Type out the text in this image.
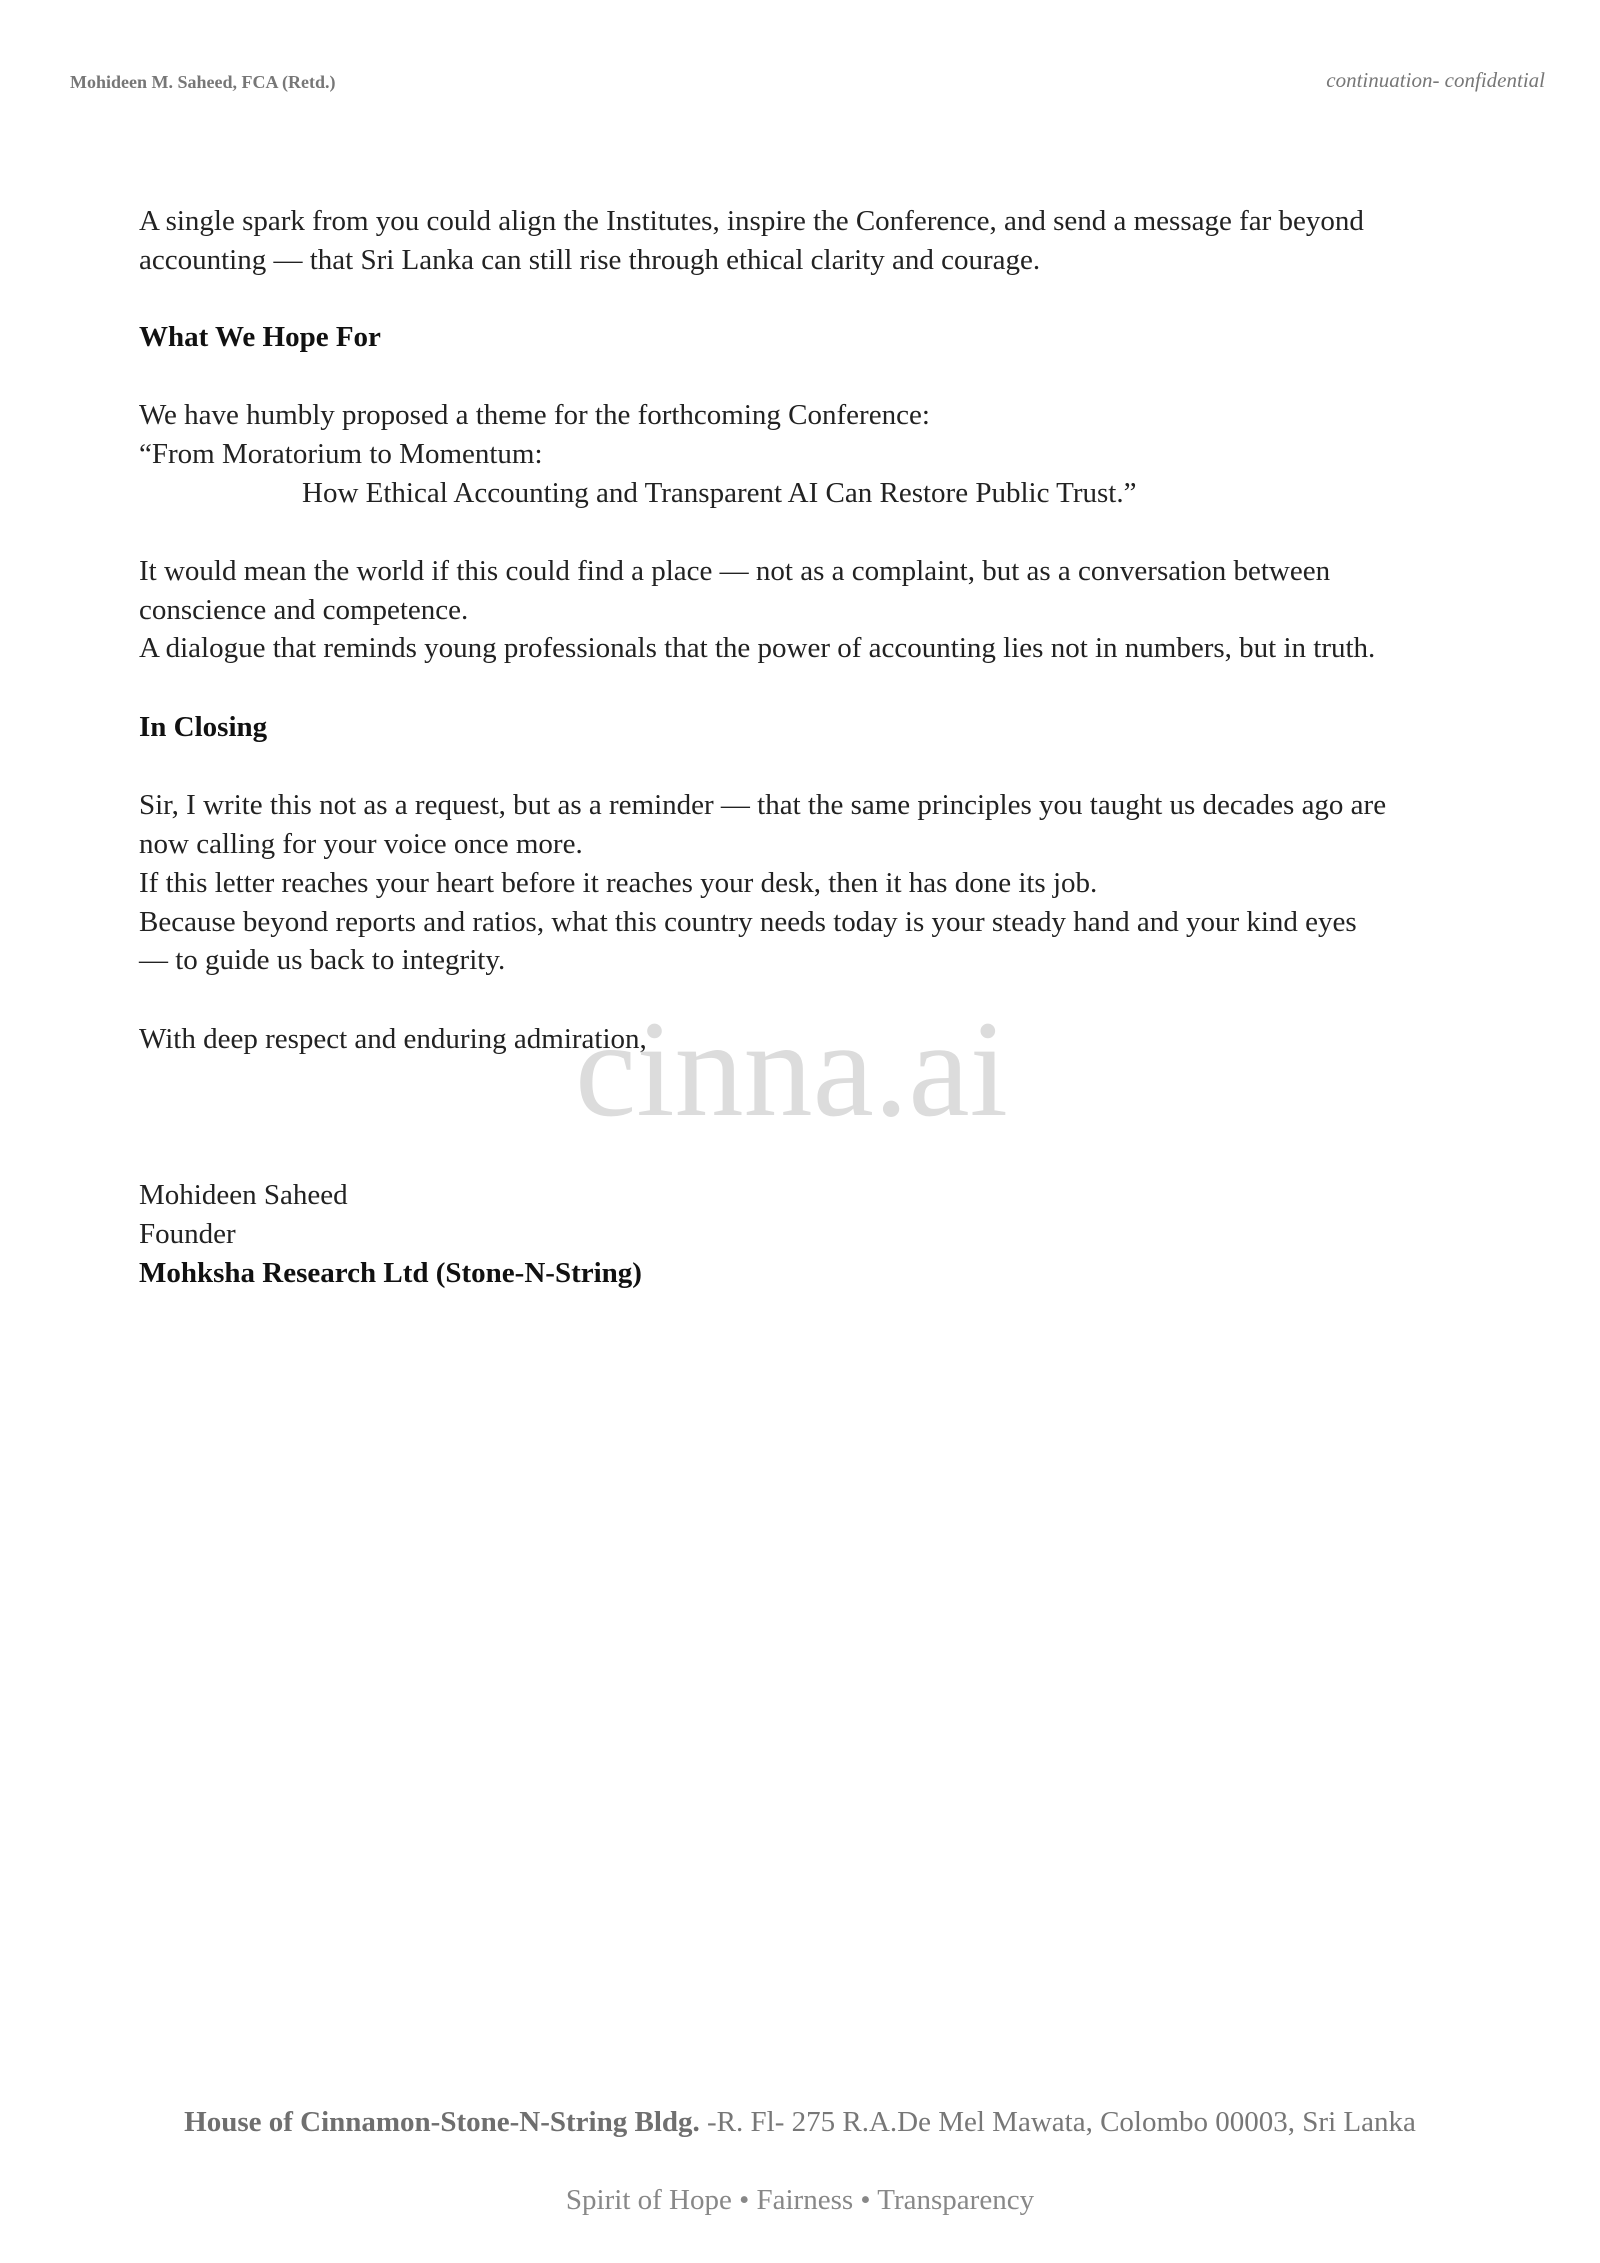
Mohideen M. Saheed, FCA (Retd.)	continuation- confidential
A single spark from you could align the Institutes, inspire the Conference, and send a message far beyond
accounting — that Sri Lanka can still rise through ethical clarity and courage.
What We Hope For
We have humbly proposed a theme for the forthcoming Conference:
“From Moratorium to Momentum:
How Ethical Accounting and Transparent AI Can Restore Public Trust.”
It would mean the world if this could find a place — not as a complaint, but as a conversation between
conscience and competence.
A dialogue that reminds young professionals that the power of accounting lies not in numbers, but in truth.
In Closing
Sir, I write this not as a request, but as a reminder — that the same principles you taught us decades ago are
now calling for your voice once more.
If this letter reaches your heart before it reaches your desk, then it has done its job.
Because beyond reports and ratios, what this country needs today is your steady hand and your kind eyes
— to guide us back to integrity.
With deep respect and enduring admiration,
cinna.ai
Mohideen Saheed
Founder
Mohksha Research Ltd (Stone-N-String)
House of Cinnamon-Stone-N-String Bldg. -R. Fl- 275 R.A.De Mel Mawata, Colombo 00003, Sri Lanka
Spirit of Hope • Fairness • Transparency
